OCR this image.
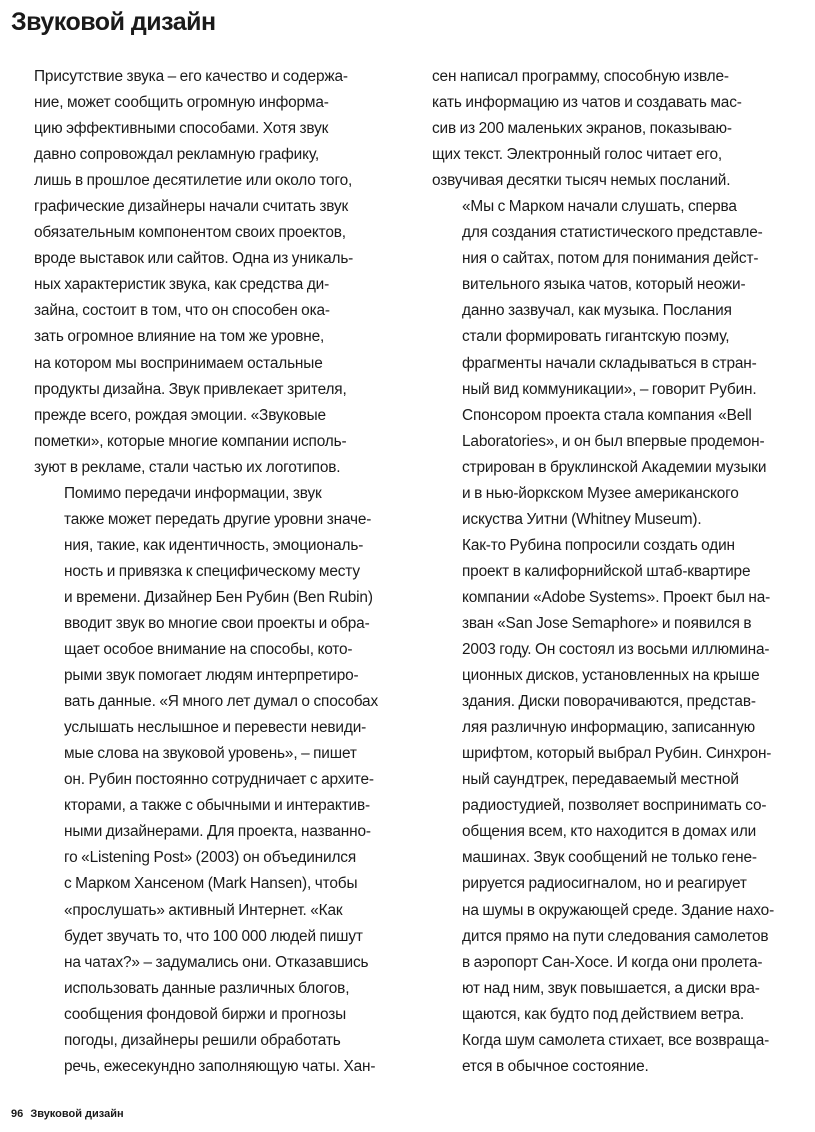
Звуковой дизайн

Присутствие звука – его качество и содержа-
ние, может сообщить огромную информа-
цию эффективными способами. Хотя звук
давно сопровождал рекламную графику,
лишь в прошлое десятилетие или около того,
графические дизайнеры начали считать звук
обязательным компонентом своих проектов,
вроде выставок или сайтов. Одна из уникаль-
ных характеристик звука, как средства ди-
зайна, состоит в том, что он способен ока-
зать огромное влияние на том же уровне,
на котором мы воспринимаем остальные
продукты дизайна. Звук привлекает зрителя,
прежде всего, рождая эмоции. «Звуковые
пометки», которые многие компании исполь-
зуют в рекламе, стали частью их логотипов.

Помимо передачи информации, звук
также может передать другие уровни значе-
ния, такие, как идентичность, эмоциональ-
ность и привязка к специфическому месту
и времени. Дизайнер Бен Рубин (Ben Rubin)
вводит звук во многие свои проекты и обра-
щает особое внимание на способы, кото-
рыми звук помогает людям интерпретиро-
вать данные. «Я много лет думал о способах
услышать неслышное и перевести невиди-
мые слова на звуковой уровень», – пишет
он. Рубин постоянно сотрудничает с архите-
кторами, а также с обычными и интерактив-
ными дизайнерами. Для проекта, названно-
го «Listening Post» (2003) он объединился
с Марком Хансеном (Mark Hansen), чтобы
«прослушать» активный Интернет. «Как
будет звучать то, что 100 000 людей пишут
на чатах?» – задумались они. Отказавшись
использовать данные различных блогов,
сообщения фондовой биржи и прогнозы
погоды, дизайнеры решили обработать
речь, ежесекундно заполняющую чаты. Хан-

сен написал программу, способную извле-
кать информацию из чатов и создавать мас-
сив из 200 маленьких экранов, показываю-
щих текст. Электронный голос читает его,
озвучивая десятки тысяч немых посланий.

«Мы с Марком начали слушать, сперва
для создания статистического представле-
ния о сайтах, потом для понимания дейст-
вительного языка чатов, который неожи-
данно зазвучал, как музыка. Послания
стали формировать гигантскую поэму,
фрагменты начали складываться в стран-
ный вид коммуникации», – говорит Рубин.
Спонсором проекта стала компания «Bell
Laboratories», и он был впервые продемон-
стрирован в бруклинской Академии музыки
и в нью-йоркском Музее американского
искуства Уитни (Whitney Museum).

Как-то Рубина попросили создать один
проект в калифорнийской штаб-квартире
компании «Adobe Systems». Проект был на-
зван «San Jose Semaphore» и появился в
2003 году. Он состоял из восьми иллюмина-
ционных дисков, установленных на крыше
здания. Диски поворачиваются, представ-
ляя различную информацию, записанную
шрифтом, который выбрал Рубин. Синхрон-
ный саундтрек, передаваемый местной
радиостудией, позволяет воспринимать со-
общения всем, кто находится в домах или
машинах. Звук сообщений не только гене-
рируется радиосигналом, но и реагирует
на шумы в окружающей среде. Здание нахо-
дится прямо на пути следования самолетов
в аэропорт Сан-Хосе. И когда они пролета-
ют над ним, звук повышается, а диски вра-
щаются, как будто под действием ветра.
Когда шум самолета стихает, все возвраща-
ется в обычное состояние.

96 Звуковой дизайн
